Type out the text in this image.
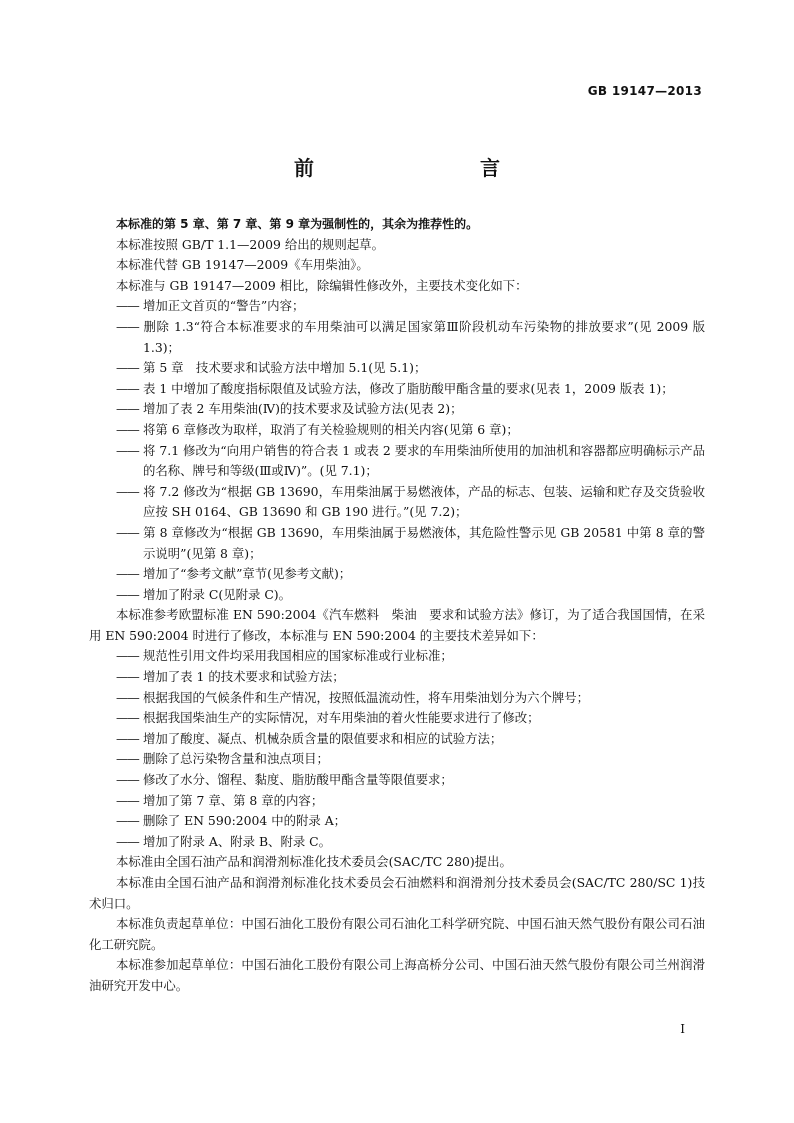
GB 19147—2013
前　　言

本标准的第 5 章、第 7 章、第 9 章为强制性的，其余为推荐性的。

本标准按照 GB/T 1.1—2009 给出的规则起草。

本标准代替 GB 19147—2009《车用柴油》。

本标准与 GB 19147—2009 相比，除编辑性修改外，主要技术变化如下：

—— 增加正文首页的“警告”内容；

—— 删除 1.3“符合本标准要求的车用柴油可以满足国家第Ⅲ阶段机动车污染物的排放要求”(见 2009 版 1.3)；

—— 第 5 章　技术要求和试验方法中增加 5.1(见 5.1)；

—— 表 1 中增加了酸度指标限值及试验方法，修改了脂肪酸甲酯含量的要求(见表 1，2009 版表 1)；

—— 增加了表 2 车用柴油(Ⅳ)的技术要求及试验方法(见表 2)；

—— 将第 6 章修改为取样，取消了有关检验规则的相关内容(见第 6 章)；

—— 将 7.1 修改为“向用户销售的符合表 1 或表 2 要求的车用柴油所使用的加油机和容器都应明确标示产品的名称、牌号和等级(Ⅲ或Ⅳ)”。(见 7.1)；

—— 将 7.2 修改为“根据 GB 13690，车用柴油属于易燃液体，产品的标志、包装、运输和贮存及交货验收应按 SH 0164、GB 13690 和 GB 190 进行。”(见 7.2)；

—— 第 8 章修改为“根据 GB 13690，车用柴油属于易燃液体，其危险性警示见 GB 20581 中第 8 章的警示说明”(见第 8 章)；

—— 增加了“参考文献”章节(见参考文献)；

—— 增加了附录 C(见附录 C)。

本标准参考欧盟标准 EN 590:2004《汽车燃料　柴油　要求和试验方法》修订，为了适合我国国情，在采用 EN 590:2004 时进行了修改，本标准与 EN 590:2004 的主要技术差异如下：

—— 规范性引用文件均采用我国相应的国家标准或行业标准；

—— 增加了表 1 的技术要求和试验方法；

—— 根据我国的气候条件和生产情况，按照低温流动性，将车用柴油划分为六个牌号；

—— 根据我国柴油生产的实际情况，对车用柴油的着火性能要求进行了修改；

—— 增加了酸度、凝点、机械杂质含量的限值要求和相应的试验方法；

—— 删除了总污染物含量和浊点项目；

—— 修改了水分、馏程、黏度、脂肪酸甲酯含量等限值要求；

—— 增加了第 7 章、第 8 章的内容；

—— 删除了 EN 590:2004 中的附录 A；

—— 增加了附录 A、附录 B、附录 C。

本标准由全国石油产品和润滑剂标准化技术委员会(SAC/TC 280)提出。

本标准由全国石油产品和润滑剂标准化技术委员会石油燃料和润滑剂分技术委员会(SAC/TC 280/SC 1)技术归口。

本标准负责起草单位：中国石油化工股份有限公司石油化工科学研究院、中国石油天然气股份有限公司石油化工研究院。

本标准参加起草单位：中国石油化工股份有限公司上海高桥分公司、中国石油天然气股份有限公司兰州润滑油研究开发中心。

I
